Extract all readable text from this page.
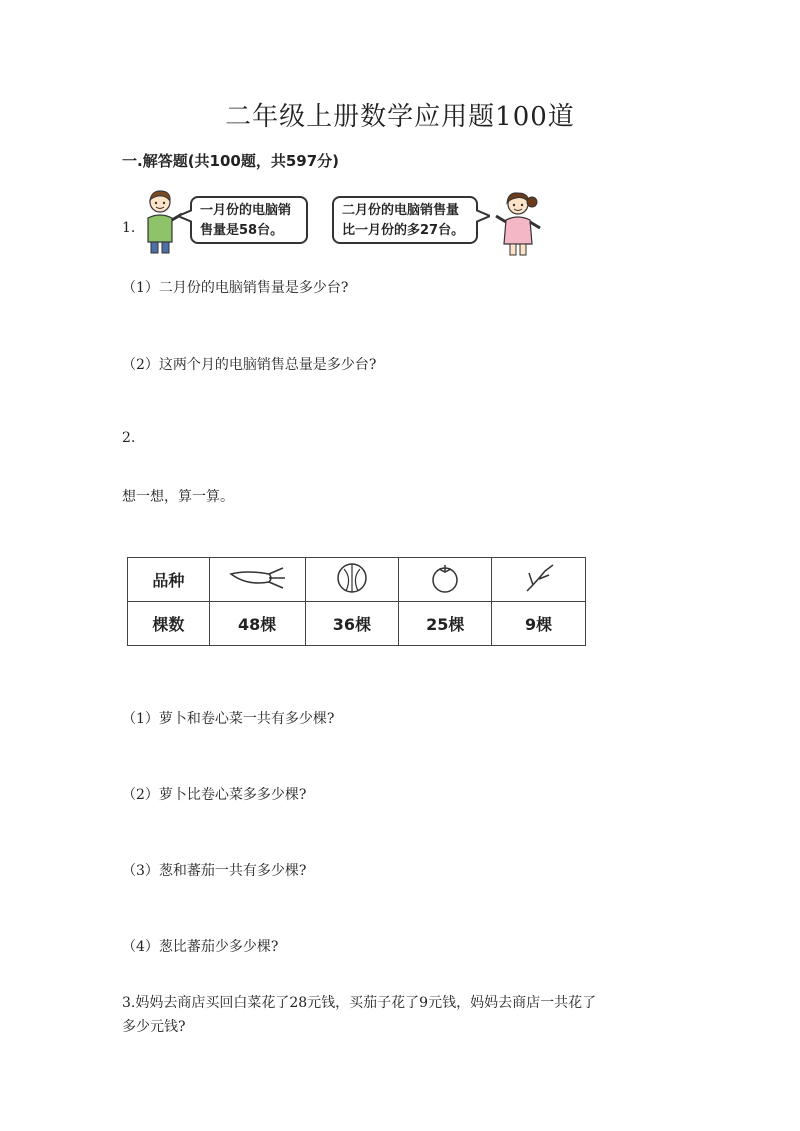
二年级上册数学应用题100道
一.解答题(共100题，共597分)
1.
一月份的电脑销
售量是58台。
二月份的电脑销售量
比一月份的多27台。
（1）二月份的电脑销售量是多少台?
（2）这两个月的电脑销售总量是多少台?
2.
想一想，算一算。
品种				
棵数	48棵	36棵	25棵	9棵
（1）萝卜和卷心菜一共有多少棵?
（2）萝卜比卷心菜多多少棵?
（3）葱和蕃茄一共有多少棵?
（4）葱比蕃茄少多少棵?
3.妈妈去商店买回白菜花了28元钱，买茄子花了9元钱，妈妈去商店一共花了
多少元钱?
